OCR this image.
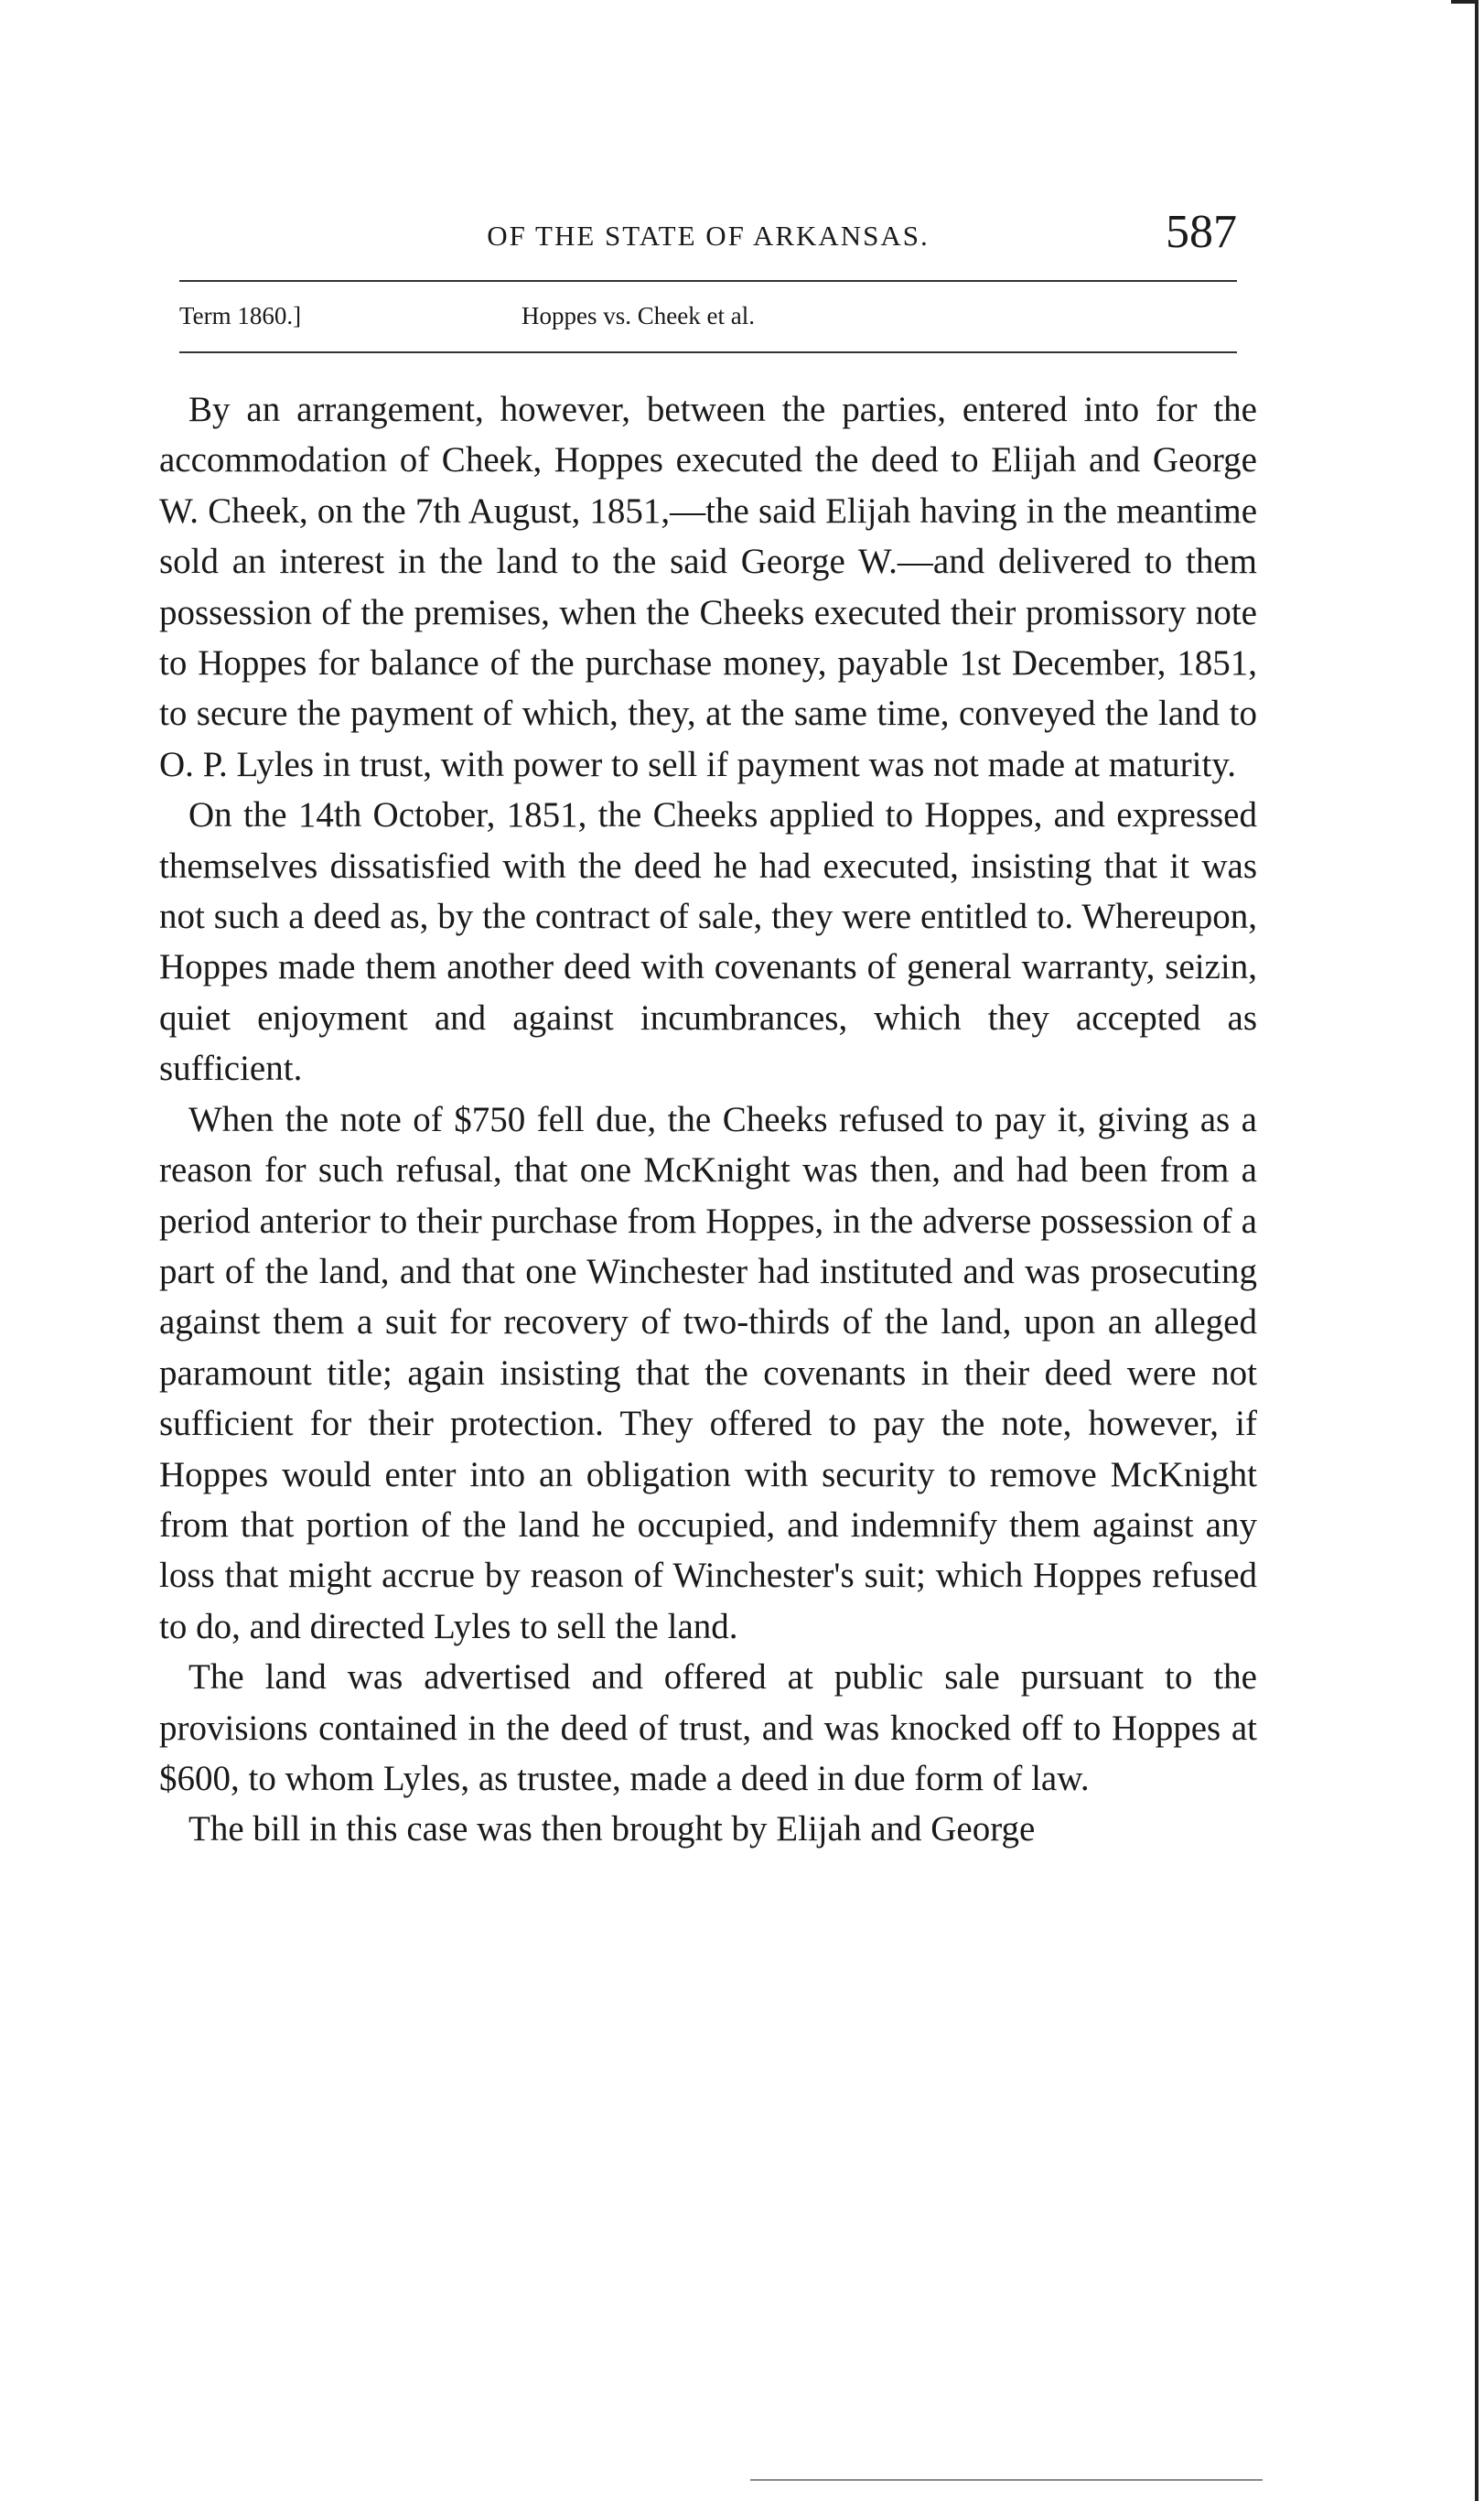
OF THE STATE OF ARKANSAS.	587
Term 1860.]	Hoppes vs. Cheek et al.

By an arrangement, however, between the parties, entered into for the accommodation of Cheek, Hoppes executed the deed to Elijah and George W. Cheek, on the 7th August, 1851,—the said Elijah having in the meantime sold an interest in the land to the said George W.—and delivered to them possession of the premises, when the Cheeks executed their promissory note to Hoppes for balance of the purchase money, payable 1st December, 1851, to secure the payment of which, they, at the same time, conveyed the land to O. P. Lyles in trust, with power to sell if payment was not made at maturity.

On the 14th October, 1851, the Cheeks applied to Hoppes, and expressed themselves dissatisfied with the deed he had executed, insisting that it was not such a deed as, by the contract of sale, they were entitled to. Whereupon, Hoppes made them another deed with covenants of general warranty, seizin, quiet enjoyment and against incumbrances, which they accepted as sufficient.

When the note of $750 fell due, the Cheeks refused to pay it, giving as a reason for such refusal, that one McKnight was then, and had been from a period anterior to their purchase from Hoppes, in the adverse possession of a part of the land, and that one Winchester had instituted and was prosecuting against them a suit for recovery of two-thirds of the land, upon an alleged paramount title; again insisting that the covenants in their deed were not sufficient for their protection. They offered to pay the note, however, if Hoppes would enter into an obligation with security to remove McKnight from that portion of the land he occupied, and indemnify them against any loss that might accrue by reason of Winchester's suit; which Hoppes refused to do, and directed Lyles to sell the land.

The land was advertised and offered at public sale pursuant to the provisions contained in the deed of trust, and was knocked off to Hoppes at $600, to whom Lyles, as trustee, made a deed in due form of law.

The bill in this case was then brought by Elijah and George
